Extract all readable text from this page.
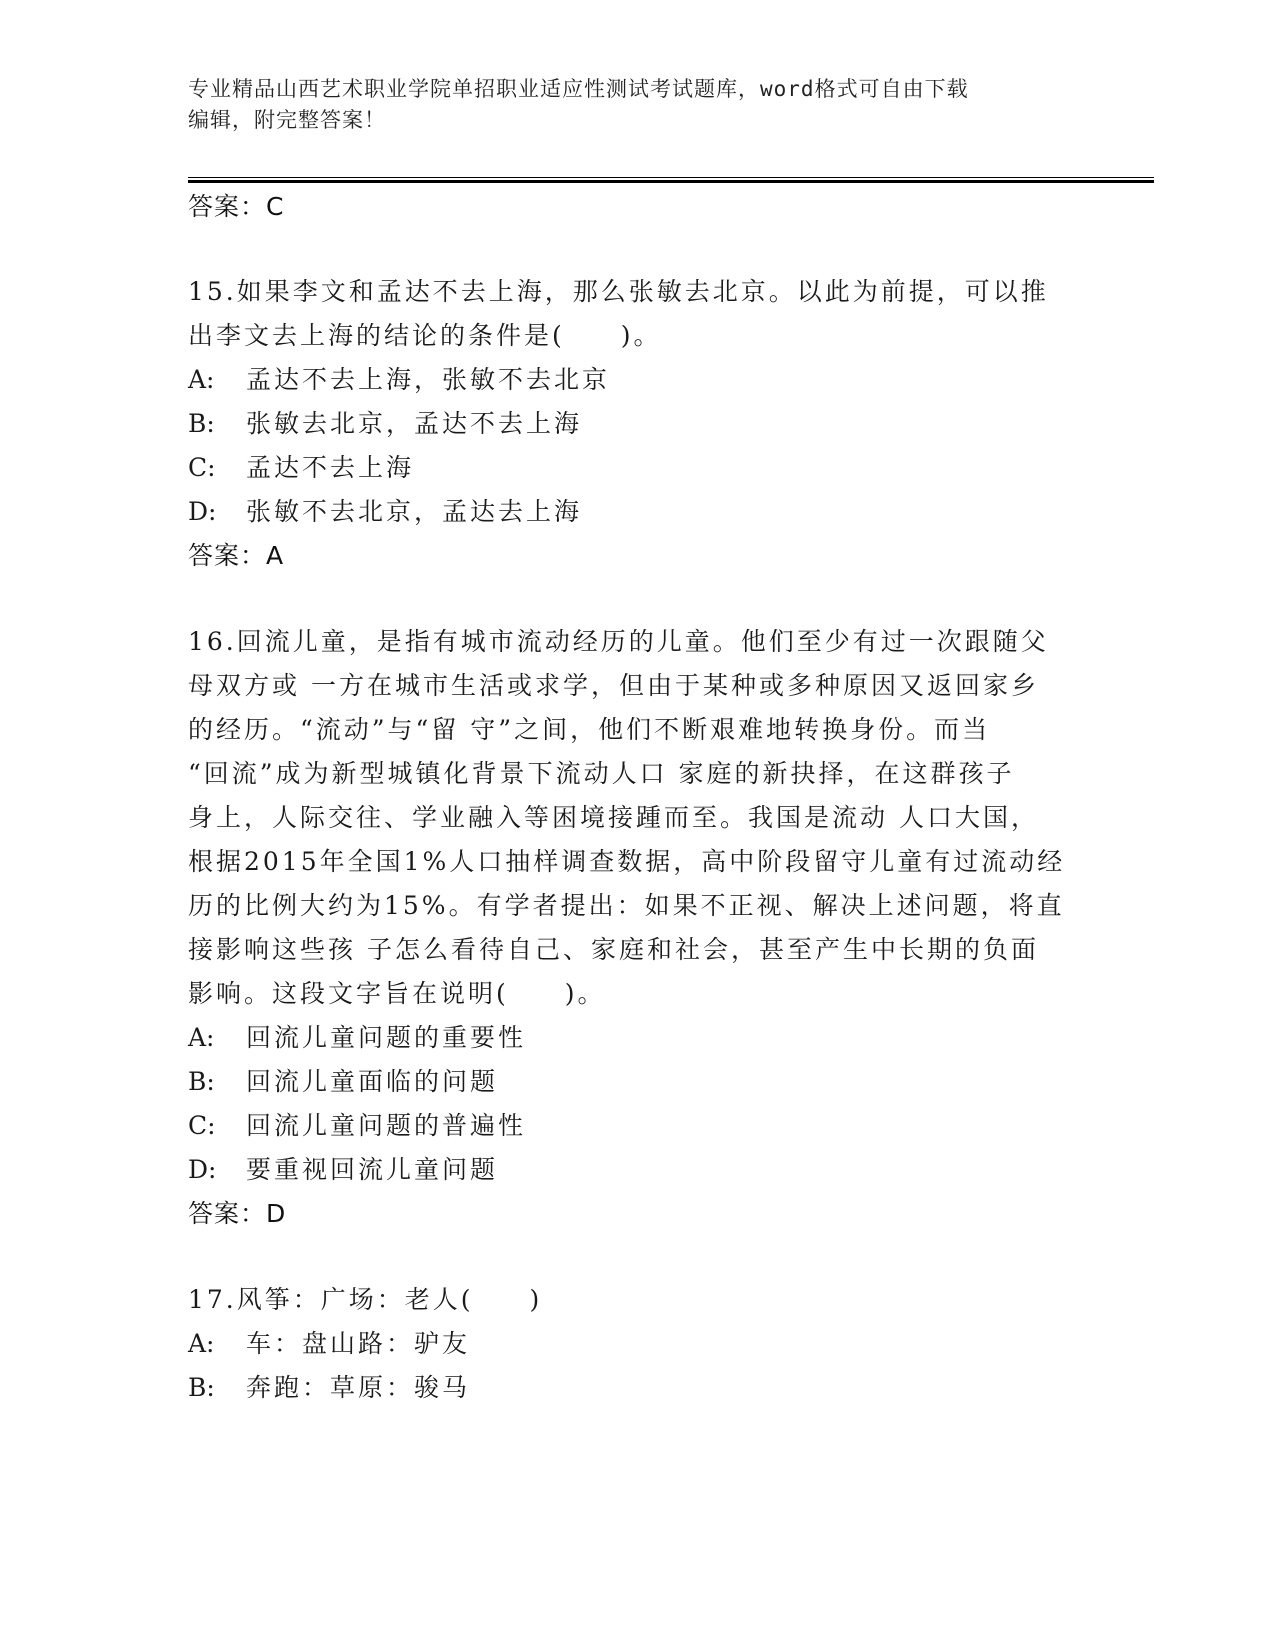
专业精品山西艺术职业学院单招职业适应性测试考试题库，word格式可自由下载
编辑，附完整答案！
答案：C
15.如果李文和孟达不去上海，那么张敏去北京。以此为前提，可以推
出李文去上海的结论的条件是(　　)。
A: 孟达不去上海，张敏不去北京
B: 张敏去北京，孟达不去上海
C: 孟达不去上海
D: 张敏不去北京，孟达去上海
答案：A
16.回流儿童，是指有城市流动经历的儿童。他们至少有过一次跟随父
母双方或 一方在城市生活或求学，但由于某种或多种原因又返回家乡
的经历。“流动”与“留 守”之间，他们不断艰难地转换身份。而当
“回流”成为新型城镇化背景下流动人口 家庭的新抉择，在这群孩子
身上，人际交往、学业融入等困境接踵而至。我国是流动 人口大国，
根据2015年全国1%人口抽样调查数据，高中阶段留守儿童有过流动经
历的比例大约为15%。有学者提出：如果不正视、解决上述问题，将直
接影响这些孩 子怎么看待自己、家庭和社会，甚至产生中长期的负面
影响。这段文字旨在说明(　　)。
A: 回流儿童问题的重要性
B: 回流儿童面临的问题
C: 回流儿童问题的普遍性
D: 要重视回流儿童问题
答案：D
17.风筝：广场：老人(　　)
A: 车：盘山路：驴友
B: 奔跑：草原：骏马
